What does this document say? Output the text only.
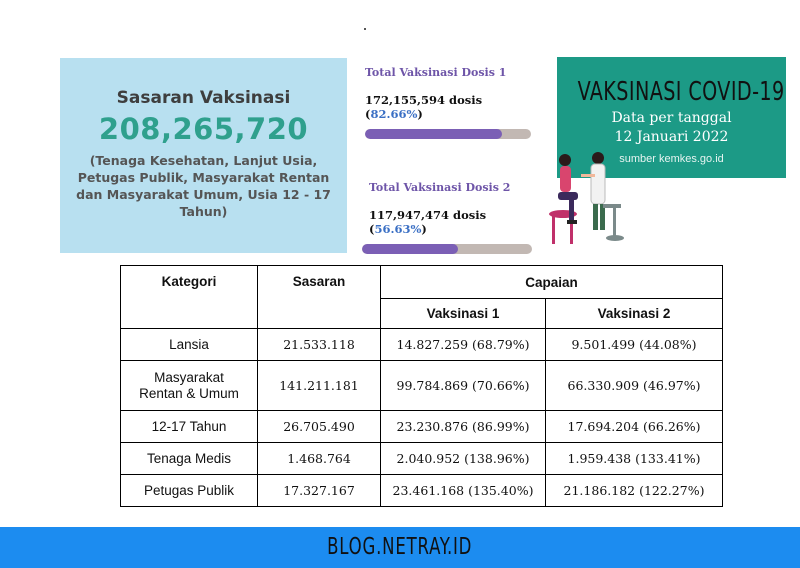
Sasaran Vaksinasi
208,265,720
(Tenaga Kesehatan, Lanjut Usia, Petugas Publik, Masyarakat Rentan dan Masyarakat Umum, Usia 12 - 17 Tahun)
Total Vaksinasi Dosis 1
172,155,594 dosis (82.66%)
Total Vaksinasi Dosis 2
117,947,474 dosis (56.63%)
VAKSINASI COVID-19
Data per tanggal
12 Januari 2022
sumber kemkes.go.id
Kategori	Sasaran	Capaian	
		Vaksinasi 1	Vaksinasi 2
Lansia	21.533.118	14.827.259 (68.79%)	9.501.499 (44.08%)
Masyarakat Rentan & Umum	141.211.181	99.784.869 (70.66%)	66.330.909 (46.97%)
12-17 Tahun	26.705.490	23.230.876 (86.99%)	17.694.204 (66.26%)
Tenaga Medis	1.468.764	2.040.952 (138.96%)	1.959.438 (133.41%)
Petugas Publik	17.327.167	23.461.168 (135.40%)	21.186.182 (122.27%)
BLOG.NETRAY.ID
